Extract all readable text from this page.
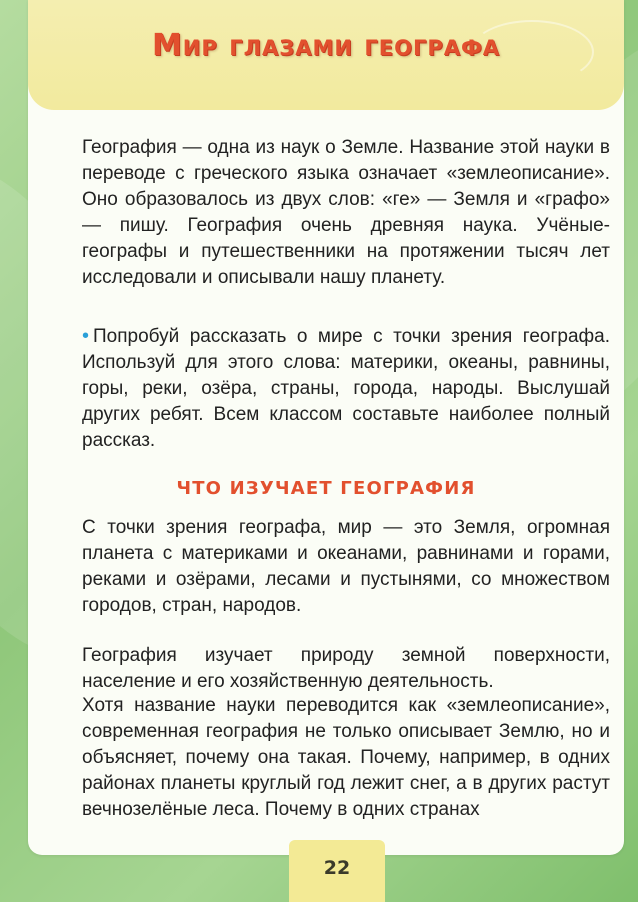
Мир глазами географа
География — одна из наук о Земле. Название этой науки в переводе с греческого языка означает «землеописание». Оно образовалось из двух слов: «ге» — Земля и «графо» — пишу. География очень древняя наука. Учёные-географы и путешественники на протяжении тысяч лет исследовали и описывали нашу планету.
• Попробуй рассказать о мире с точки зрения географа. Используй для этого слова: материки, океаны, равнины, горы, реки, озёра, страны, города, народы. Выслушай других ребят. Всем классом составьте наиболее полный рассказ.
ЧТО ИЗУЧАЕТ ГЕОГРАФИЯ
С точки зрения географа, мир — это Земля, огромная планета с материками и океанами, равнинами и горами, реками и озёрами, лесами и пустынями, со множеством городов, стран, народов.
География изучает природу земной поверхности, население и его хозяйственную деятельность.
Хотя название науки переводится как «землеописание», современная география не только описывает Землю, но и объясняет, почему она такая. Почему, например, в одних районах планеты круглый год лежит снег, а в других растут вечнозелёные леса. Почему в одних странах
22
